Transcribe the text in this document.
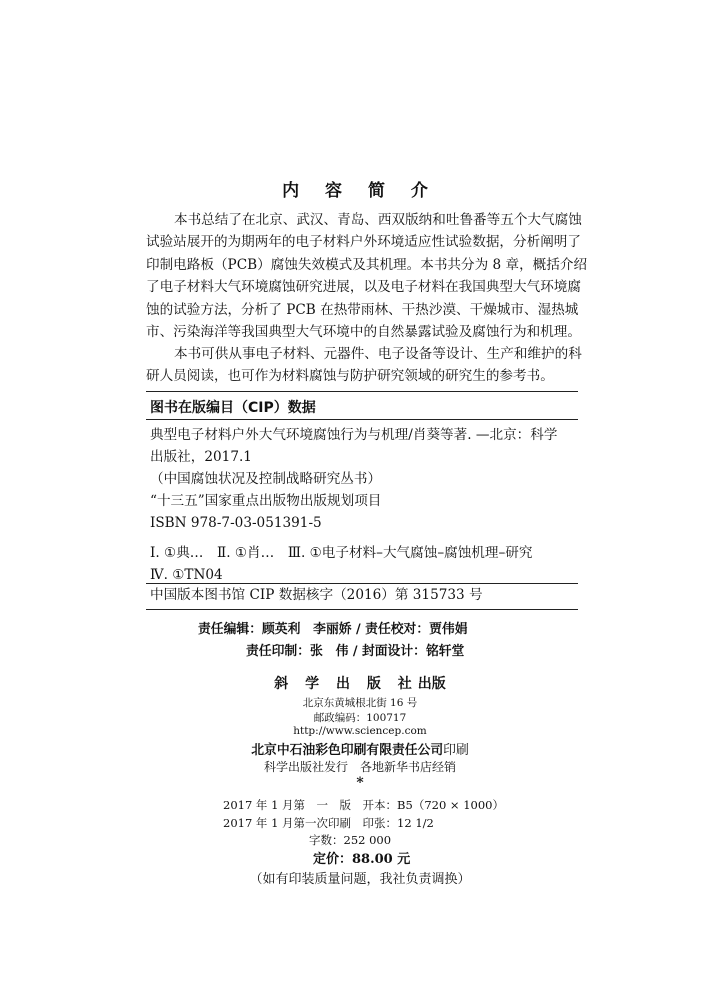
内 容 简 介
本书总结了在北京、武汉、青岛、西双版纳和吐鲁番等五个大气腐蚀
试验站展开的为期两年的电子材料户外环境适应性试验数据，分析阐明了
印制电路板（PCB）腐蚀失效模式及其机理。本书共分为 8 章，概括介绍
了电子材料大气环境腐蚀研究进展，以及电子材料在我国典型大气环境腐
蚀的试验方法，分析了 PCB 在热带雨林、干热沙漠、干燥城市、湿热城
市、污染海洋等我国典型大气环境中的自然暴露试验及腐蚀行为和机理。
本书可供从事电子材料、元器件、电子设备等设计、生产和维护的科
研人员阅读，也可作为材料腐蚀与防护研究领域的研究生的参考书。
图书在版编目（CIP）数据
典型电子材料户外大气环境腐蚀行为与机理/肖葵等著. —北京：科学
出版社，2017.1
（中国腐蚀状况及控制战略研究丛书）
“十三五”国家重点出版物出版规划项目
ISBN 978-7-03-051391-5
Ⅰ. ①典…　Ⅱ. ①肖…　Ⅲ. ①电子材料–大气腐蚀–腐蚀机理–研究
Ⅳ. ①TN04
中国版本图书馆 CIP 数据核字（2016）第 315733 号
责任编辑：顾英利　李丽娇 / 责任校对：贾伟娟
责任印制：张　伟 / 封面设计：铭轩堂
斜 学 出 版 社出版
北京东黄城根北街 16 号
邮政编码：100717
http://www.sciencep.com
北京中石油彩色印刷有限责任公司印刷
科学出版社发行　各地新华书店经销
*
2017 年 1 月第　一　版　开本：B5（720 × 1000）
2017 年 1 月第一次印刷　印张：12 1/2
字数：252 000
定价：88.00 元
（如有印装质量问题，我社负责调换）
